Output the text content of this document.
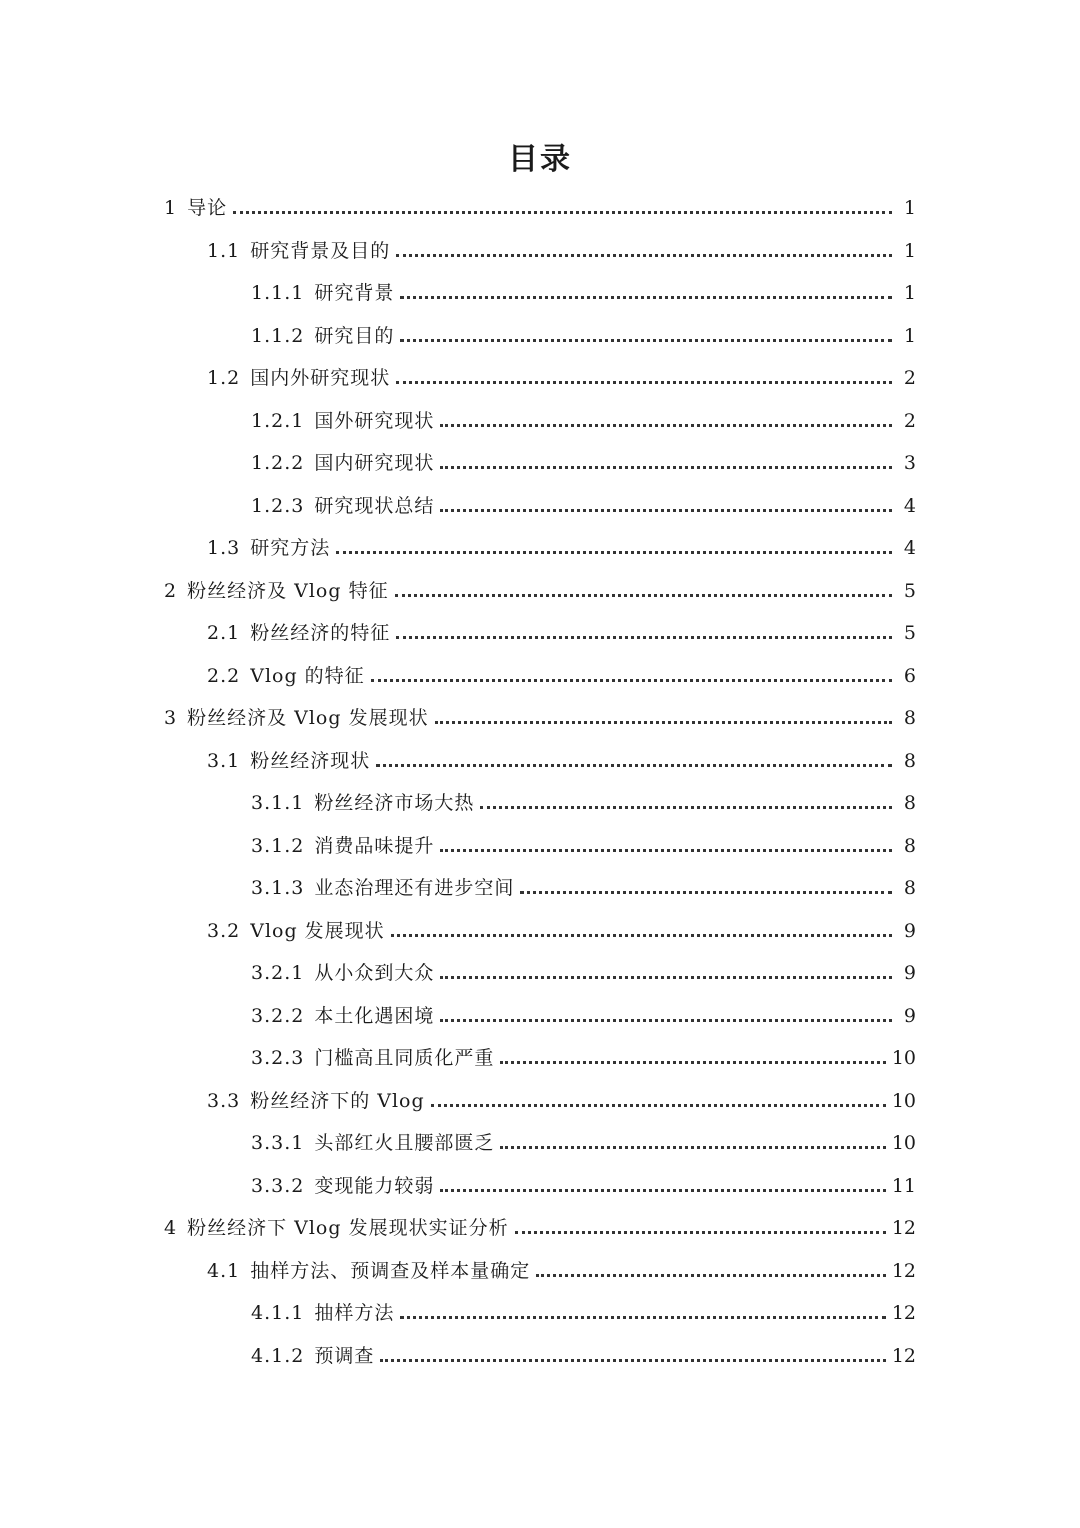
目录
1 导论	1
1.1 研究背景及目的	1
1.1.1 研究背景	1
1.1.2 研究目的	1
1.2 国内外研究现状	2
1.2.1 国外研究现状	2
1.2.2 国内研究现状	3
1.2.3 研究现状总结	4
1.3 研究方法	4
2 粉丝经济及 Vlog 特征	5
2.1 粉丝经济的特征	5
2.2 Vlog 的特征	6
3 粉丝经济及 Vlog 发展现状	8
3.1 粉丝经济现状	8
3.1.1 粉丝经济市场大热	8
3.1.2 消费品味提升	8
3.1.3 业态治理还有进步空间	8
3.2 Vlog 发展现状	9
3.2.1 从小众到大众	9
3.2.2 本土化遇困境	9
3.2.3 门槛高且同质化严重	10
3.3 粉丝经济下的 Vlog	10
3.3.1 头部红火且腰部匮乏	10
3.3.2 变现能力较弱	11
4 粉丝经济下 Vlog 发展现状实证分析	12
4.1 抽样方法、预调查及样本量确定	12
4.1.1 抽样方法	12
4.1.2 预调查	12
